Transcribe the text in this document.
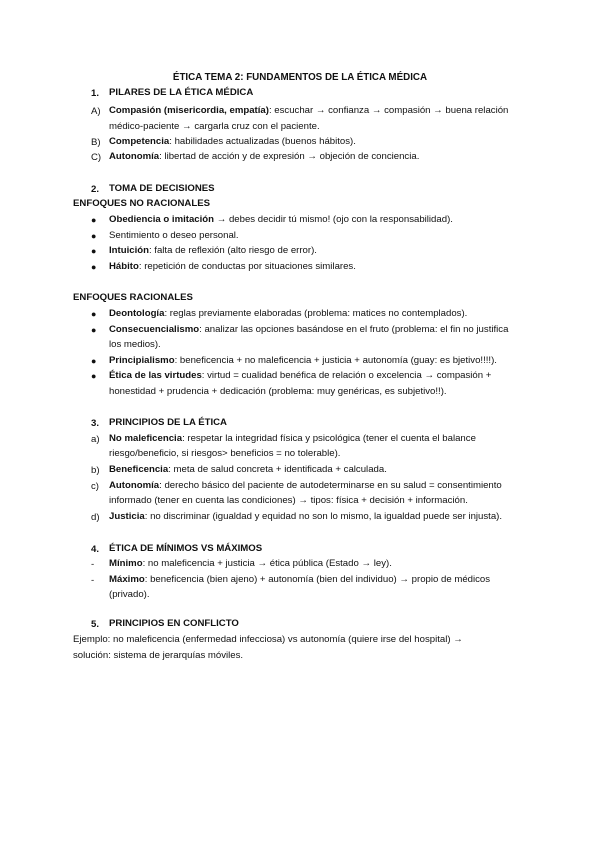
ÉTICA TEMA 2: FUNDAMENTOS DE LA ÉTICA MÉDICA
1. PILARES DE LA ÉTICA MÉDICA
A) Compasión (misericordia, empatía): escuchar → confianza → compasión → buena relación
médico-paciente → cargarla cruz con el paciente.
B) Competencia: habilidades actualizadas (buenos hábitos).
C) Autonomía: libertad de acción y de expresión → objeción de conciencia.
2. TOMA DE DECISIONES
ENFOQUES NO RACIONALES
● Obediencia o imitación → debes decidir tú mismo! (ojo con la responsabilidad).
● Sentimiento o deseo personal.
● Intuición: falta de reflexión (alto riesgo de error).
● Hábito: repetición de conductas por situaciones similares.
ENFOQUES RACIONALES
● Deontología: reglas previamente elaboradas (problema: matices no contemplados).
● Consecuencialismo: analizar las opciones basándose en el fruto (problema: el fin no justifica
los medios).
● Principialismo: beneficencia + no maleficencia + justicia + autonomía (guay: es bjetivo!!!!).
● Ética de las virtudes: virtud = cualidad benéfica de relación o excelencia → compasión +
honestidad + prudencia + dedicación (problema: muy genéricas, es subjetivo!!).
3. PRINCIPIOS DE LA ÉTICA
a) No maleficencia: respetar la integridad física y psicológica (tener el cuenta el balance
riesgo/beneficio, si riesgos> beneficios = no tolerable).
b) Beneficencia: meta de salud concreta + identificada + calculada.
c) Autonomía: derecho básico del paciente de autodeterminarse en su salud = consentimiento
informado (tener en cuenta las condiciones) → tipos: física + decisión + información.
d) Justicia: no discriminar (igualdad y equidad no son lo mismo, la igualdad puede ser injusta).
4. ÉTICA DE MÍNIMOS VS MÁXIMOS
- Mínimo: no maleficencia + justicia → ética pública (Estado → ley).
- Máximo: beneficencia (bien ajeno) + autonomía (bien del individuo) → propio de médicos
(privado).
5. PRINCIPIOS EN CONFLICTO
Ejemplo: no maleficencia (enfermedad infecciosa) vs autonomía (quiere irse del hospital) →
solución: sistema de jerarquías móviles.
